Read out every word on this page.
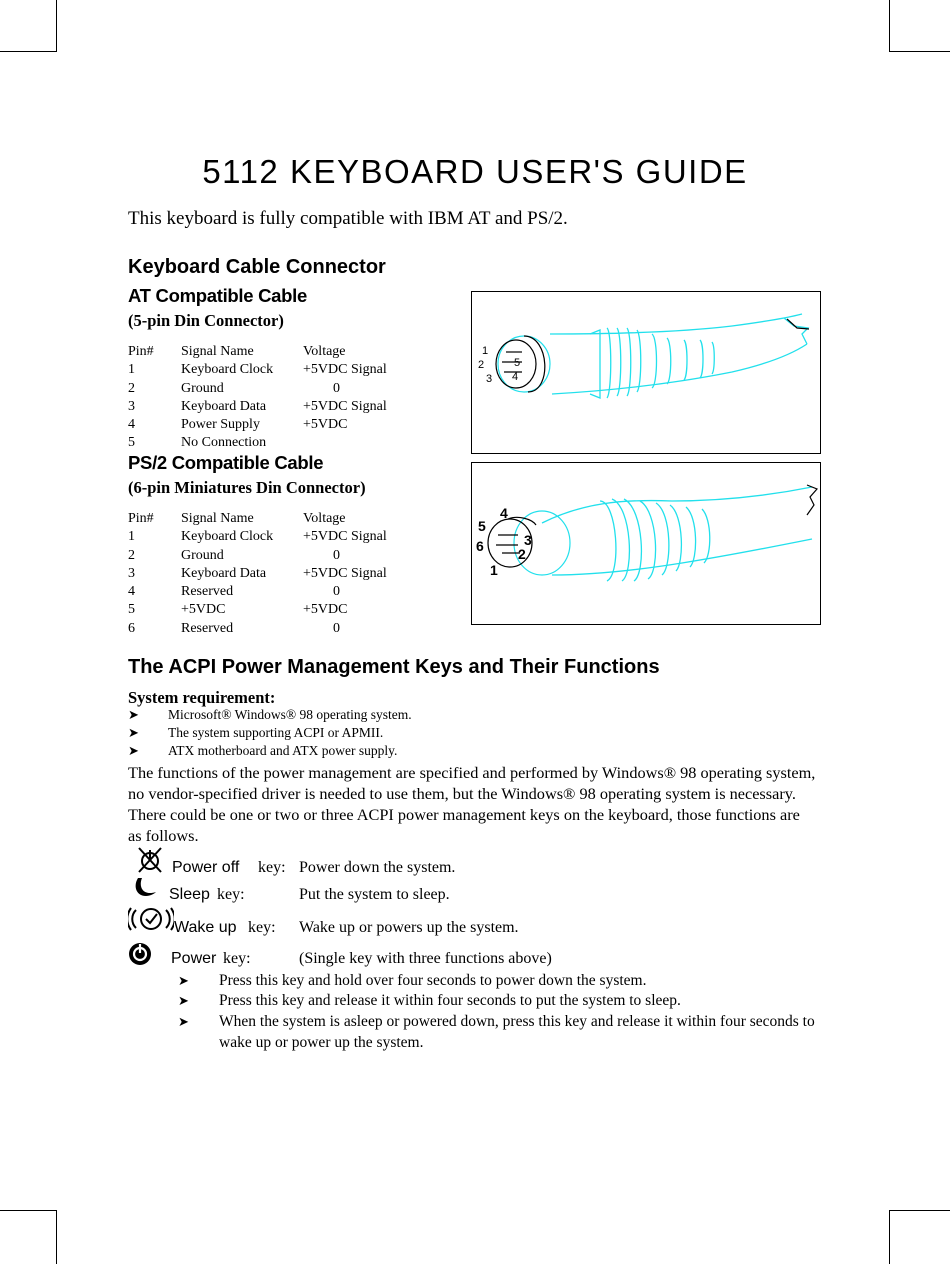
5112 KEYBOARD USER'S GUIDE
This keyboard is fully compatible with IBM AT and PS/2.
Keyboard Cable Connector
AT Compatible Cable
(5-pin Din Connector)
Pin# Signal Name	Voltage
1	Keyboard Clock +5VDC Signal
2	Ground	0
3	Keyboard Data	+5VDC Signal
4	Power Supply	+5VDC
5	No Connection
1
2
3 4
5
PS/2 Compatible Cable
(6-pin Miniatures Din Connector)
Pin# Signal Name	Voltage
1	Keyboard Clock +5VDC Signal
2	Ground	0
3	Keyboard Data	+5VDC Signal
4	Reserved	0
5	+5VDC	+5VDC
6	Reserved	0
1
2
3
4
5
6
The ACPI Power Management Keys and Their Functions
System requirement:
➤ Microsoft® Windows® 98 operating system.
➤ The system supporting ACPI or APMII.
➤ ATX motherboard and ATX power supply.
The functions of the power management are specified and performed by Windows® 98 operating system,
no vendor-specified driver is needed to use them, but the Windows® 98 operating system is necessary.
There could be one or two or three ACPI power management keys on the keyboard, those functions are
as follows.
Power off key: Power down the system.
Sleep key:	Put the system to sleep.
Wake up key: Wake up or powers up the system.
Power key:	(Single key with three functions above)
➤ Press this key and hold over four seconds to power down the system.
➤ Press this key and release it within four seconds to put the system to sleep.
➤ When the system is asleep or powered down, press this key and release it within four seconds to wake up or power up the system.
